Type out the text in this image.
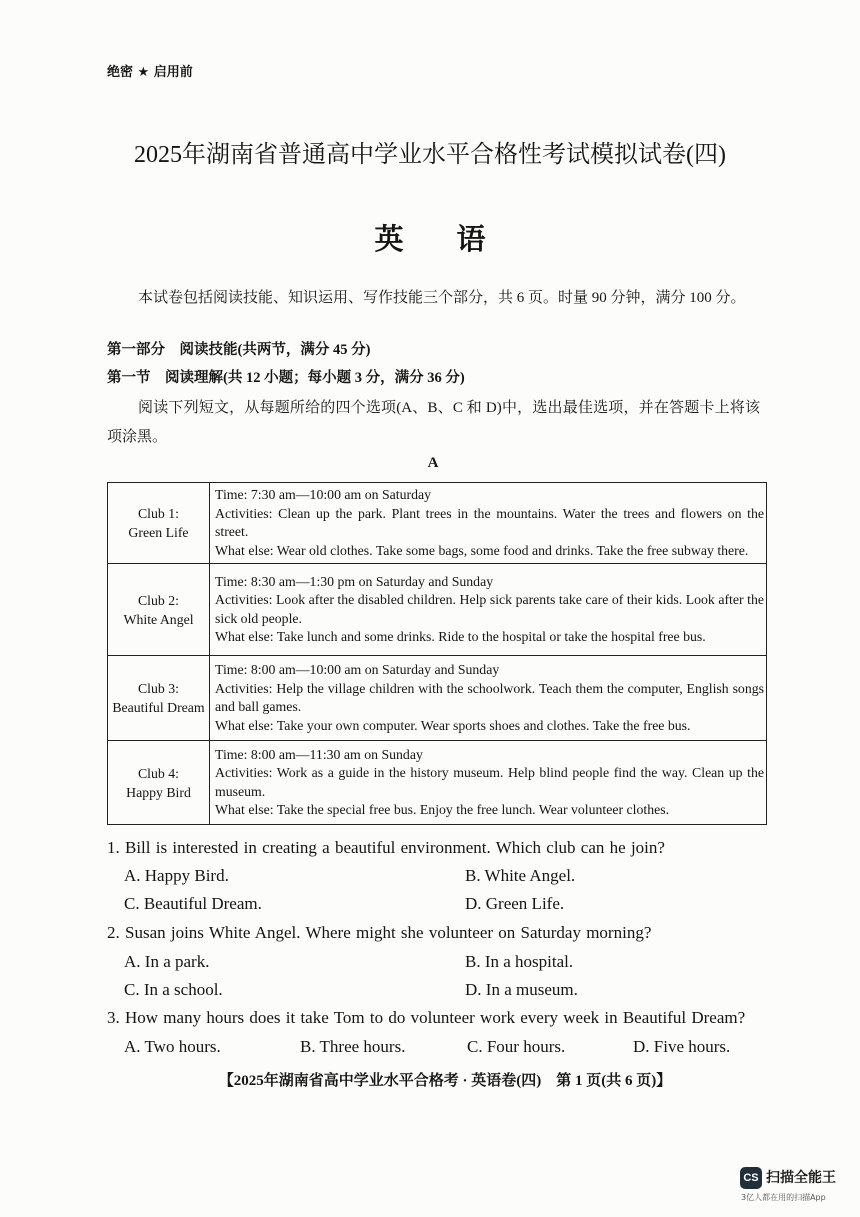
绝密 ★ 启用前
2025年湖南省普通高中学业水平合格性考试模拟试卷(四)
英　语
本试卷包括阅读技能、知识运用、写作技能三个部分，共 6 页。时量 90 分钟，满分 100 分。
第一部分　阅读技能(共两节，满分 45 分)
第一节　阅读理解(共 12 小题；每小题 3 分，满分 36 分)
阅读下列短文，从每题所给的四个选项(A、B、C 和 D)中，选出最佳选项，并在答题卡上将该项涂黑。
A
Club 1:
Green Life
Time: 7:30 am—10:00 am on Saturday
Activities: Clean up the park. Plant trees in the mountains. Water the trees and flowers on the street.
What else: Wear old clothes. Take some bags, some food and drinks. Take the free subway there.
Club 2:
White Angel
Time: 8:30 am—1:30 pm on Saturday and Sunday
Activities: Look after the disabled children. Help sick parents take care of their kids. Look after the sick old people.
What else: Take lunch and some drinks. Ride to the hospital or take the hospital free bus.
Club 3:
Beautiful Dream
Time: 8:00 am—10:00 am on Saturday and Sunday
Activities: Help the village children with the schoolwork. Teach them the computer, English songs and ball games.
What else: Take your own computer. Wear sports shoes and clothes. Take the free bus.
Club 4:
Happy Bird
Time: 8:00 am—11:30 am on Sunday
Activities: Work as a guide in the history museum. Help blind people find the way. Clean up the museum.
What else: Take the special free bus. Enjoy the free lunch. Wear volunteer clothes.
1. Bill is interested in creating a beautiful environment. Which club can he join?
A. Happy Bird.	B. White Angel.
C. Beautiful Dream.	D. Green Life.
2. Susan joins White Angel. Where might she volunteer on Saturday morning?
A. In a park.	B. In a hospital.
C. In a school.	D. In a museum.
3. How many hours does it take Tom to do volunteer work every week in Beautiful Dream?
A. Two hours.	B. Three hours.	C. Four hours.	D. Five hours.
【2025年湖南省高中学业水平合格考 · 英语卷(四)　第 1 页(共 6 页)】
CS 扫描全能王
3亿人都在用的扫描App
